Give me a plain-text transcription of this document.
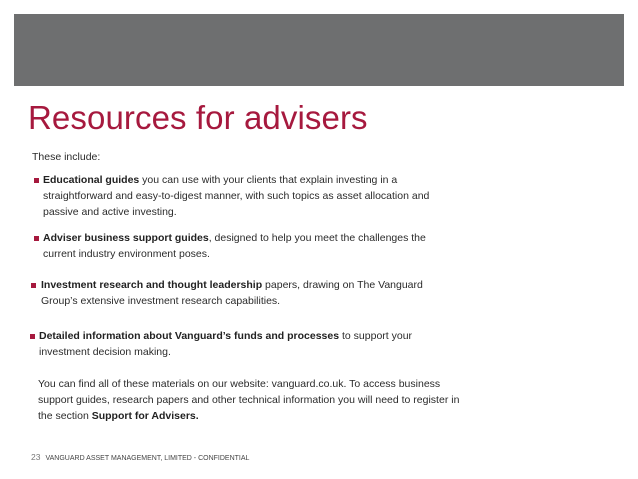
Resources for advisers
These include:
Educational guides you can use with your clients that explain investing in a
straightforward and easy-to-digest manner, with such topics as asset allocation and
passive and active investing.
Adviser business support guides, designed to help you meet the challenges the
current industry environment poses.
Investment research and thought leadership papers, drawing on The Vanguard
Group’s extensive investment research capabilities.
Detailed information about Vanguard’s funds and processes to support your
investment decision making.
You can find all of these materials on our website: vanguard.co.uk. To access business
support guides, research papers and other technical information you will need to register in
the section Support for Advisers.
23 VANGUARD ASSET MANAGEMENT, LIMITED - CONFIDENTIAL
